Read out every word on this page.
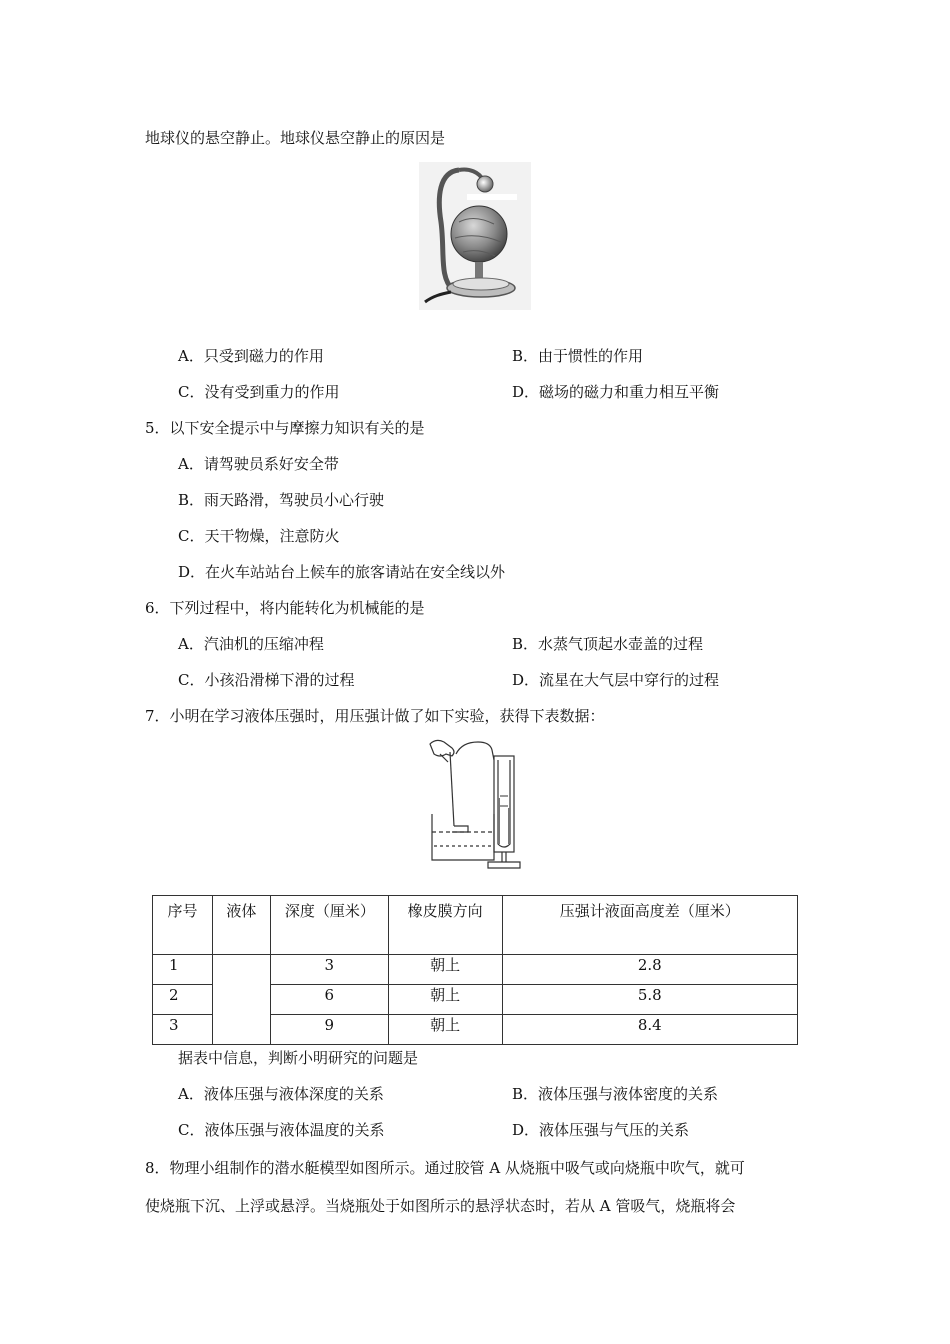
地球仪的悬空静止。地球仪悬空静止的原因是
A．只受到磁力的作用	B．由于惯性的作用
C．没有受到重力的作用	D．磁场的磁力和重力相互平衡
5．以下安全提示中与摩擦力知识有关的是
A．请驾驶员系好安全带
B．雨天路滑，驾驶员小心行驶
C．天干物燥，注意防火
D．在火车站站台上候车的旅客请站在安全线以外
6．下列过程中，将内能转化为机械能的是
A．汽油机的压缩冲程	B．水蒸气顶起水壶盖的过程
C．小孩沿滑梯下滑的过程	D．流星在大气层中穿行的过程
7．小明在学习液体压强时，用压强计做了如下实验，获得下表数据：
序号	液体	深度（厘米）	橡皮膜方向	压强计液面高度差（厘米）
1		3	朝上	2.8
2		6	朝上	5.8
3		9	朝上	8.4
据表中信息，判断小明研究的问题是
A．液体压强与液体深度的关系	B．液体压强与液体密度的关系
C．液体压强与液体温度的关系	D．液体压强与气压的关系
8．物理小组制作的潜水艇模型如图所示。通过胶管 A 从烧瓶中吸气或向烧瓶中吹气，就可
使烧瓶下沉、上浮或悬浮。当烧瓶处于如图所示的悬浮状态时，若从 A 管吸气，烧瓶将会
